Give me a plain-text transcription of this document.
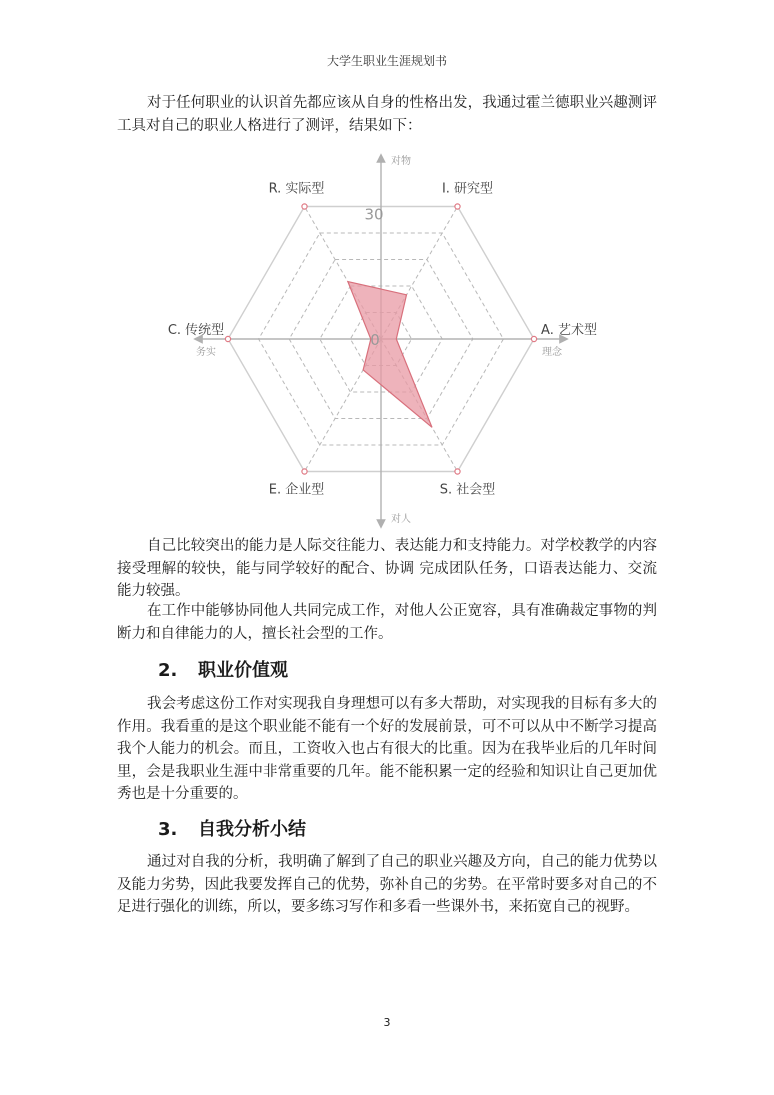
大学生职业生涯规划书

对于任何职业的认识首先都应该从自身的性格出发，我通过霍兰德职业兴趣测评工具对自己的职业人格进行了测评，结果如下：

R. 实际型	I. 研究型
A. 艺术型
S. 社会型
E. 企业型
C. 传统型
30
0
对物
对人
务实	理念

自己比较突出的能力是人际交往能力、表达能力和支持能力。对学校教学的内容接受理解的较快，能与同学较好的配合、协调 完成团队任务，口语表达能力、交流能力较强。

在工作中能够协同他人共同完成工作，对他人公正宽容，具有准确裁定事物的判断力和自律能力的人，擅长社会型的工作。

2. 职业价值观

我会考虑这份工作对实现我自身理想可以有多大帮助，对实现我的目标有多大的作用。我看重的是这个职业能不能有一个好的发展前景，可不可以从中不断学习提高我个人能力的机会。而且，工资收入也占有很大的比重。因为在我毕业后的几年时间里，会是我职业生涯中非常重要的几年。能不能积累一定的经验和知识让自己更加优秀也是十分重要的。

3. 自我分析小结

通过对自我的分析，我明确了解到了自己的职业兴趣及方向，自己的能力优势以及能力劣势，因此我要发挥自己的优势，弥补自己的劣势。在平常时要多对自己的不足进行强化的训练，所以，要多练习写作和多看一些课外书，来拓宽自己的视野。

3
